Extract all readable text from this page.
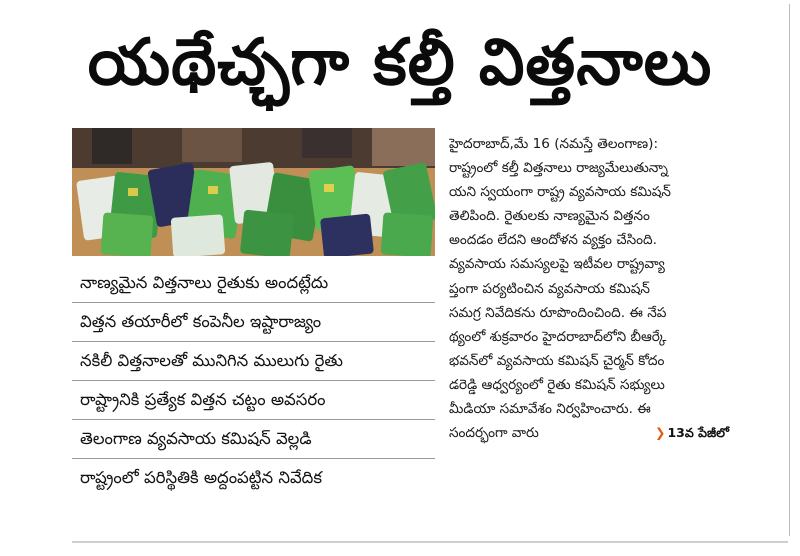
యథేచ్ఛగా కల్తీ విత్తనాలు
నాణ్యమైన విత్తనాలు రైతుకు అందట్లేదు
విత్తన తయారీలో కంపెనీల ఇష్టారాజ్యం
నకిలీ విత్తనాలతో మునిగిన ములుగు రైతు
రాష్ట్రానికి ప్రత్యేక విత్తన చట్టం అవసరం
తెలంగాణ వ్యవసాయ కమిషన్ వెల్లడి
రాష్ట్రంలో పరిస్థితికి అద్దంపట్టిన నివేదిక
హైదరాబాద్,మే 16 (నమస్తే తెలంగాణ):
రాష్ట్రంలో కల్తీ విత్తనాలు రాజ్యమేలుతున్నా
యని స్వయంగా రాష్ట్ర వ్యవసాయ కమిషన్
తెలిపింది. రైతులకు నాణ్యమైన విత్తనం
అందడం లేదని ఆందోళన వ్యక్తం చేసింది.
వ్యవసాయ సమస్యలపై ఇటీవల రాష్ట్రవ్యా
ప్తంగా పర్యటించిన వ్యవసాయ కమిషన్
సమగ్ర నివేదికను రూపొందించింది. ఈ నేప
థ్యంలో శుక్రవారం హైదరాబాద్‌లోని బీఆర్కే
భవన్‌లో వ్యవసాయ కమిషన్ చైర్మన్ కోదం
డరెడ్డి ఆధ్వర్యంలో రైతు కమిషన్ సభ్యులు
మీడియా సమావేశం నిర్వహించారు. ఈ
సందర్భంగా వారు	❯ 13వ పేజీలో
